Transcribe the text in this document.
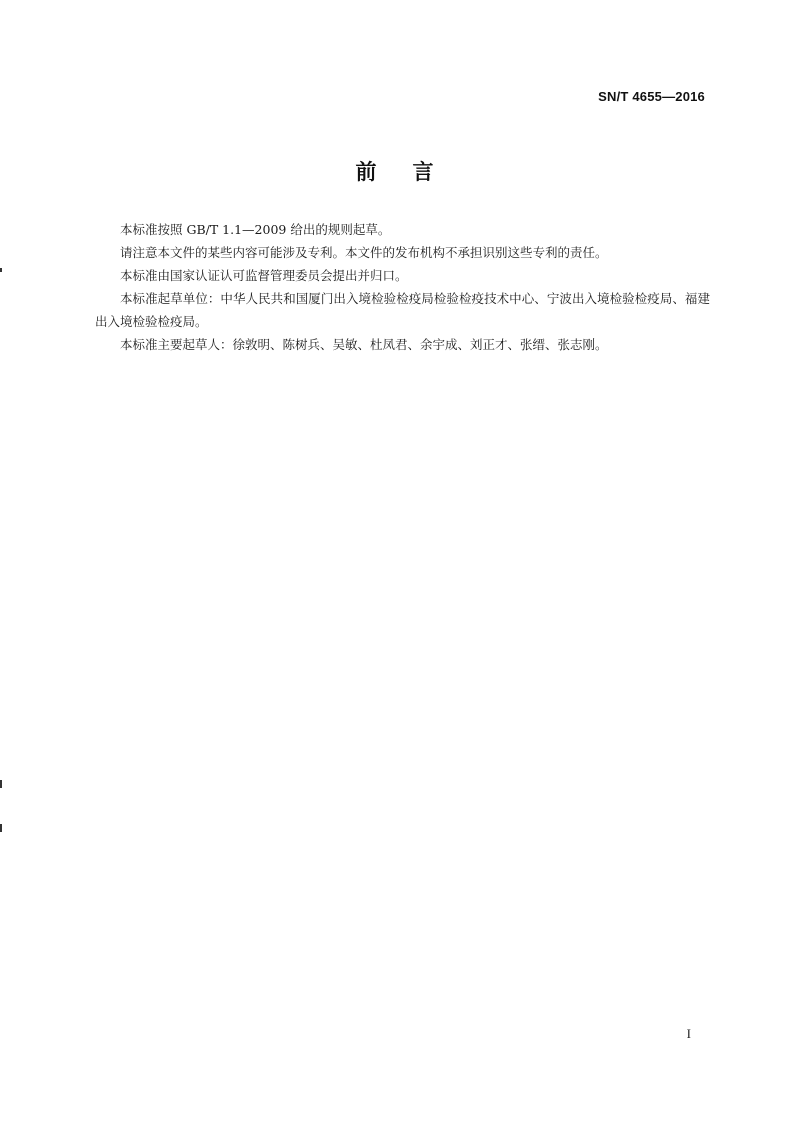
SN/T 4655—2016
前言

本标准按照 GB/T 1.1—2009 给出的规则起草。

请注意本文件的某些内容可能涉及专利。本文件的发布机构不承担识别这些专利的责任。

本标准由国家认证认可监督管理委员会提出并归口。

本标准起草单位：中华人民共和国厦门出入境检验检疫局检验检疫技术中心、宁波出入境检验检疫局、福建出入境检验检疫局。

本标准主要起草人：徐敦明、陈树兵、吴敏、杜凤君、余宇成、刘正才、张缙、张志刚。

I
